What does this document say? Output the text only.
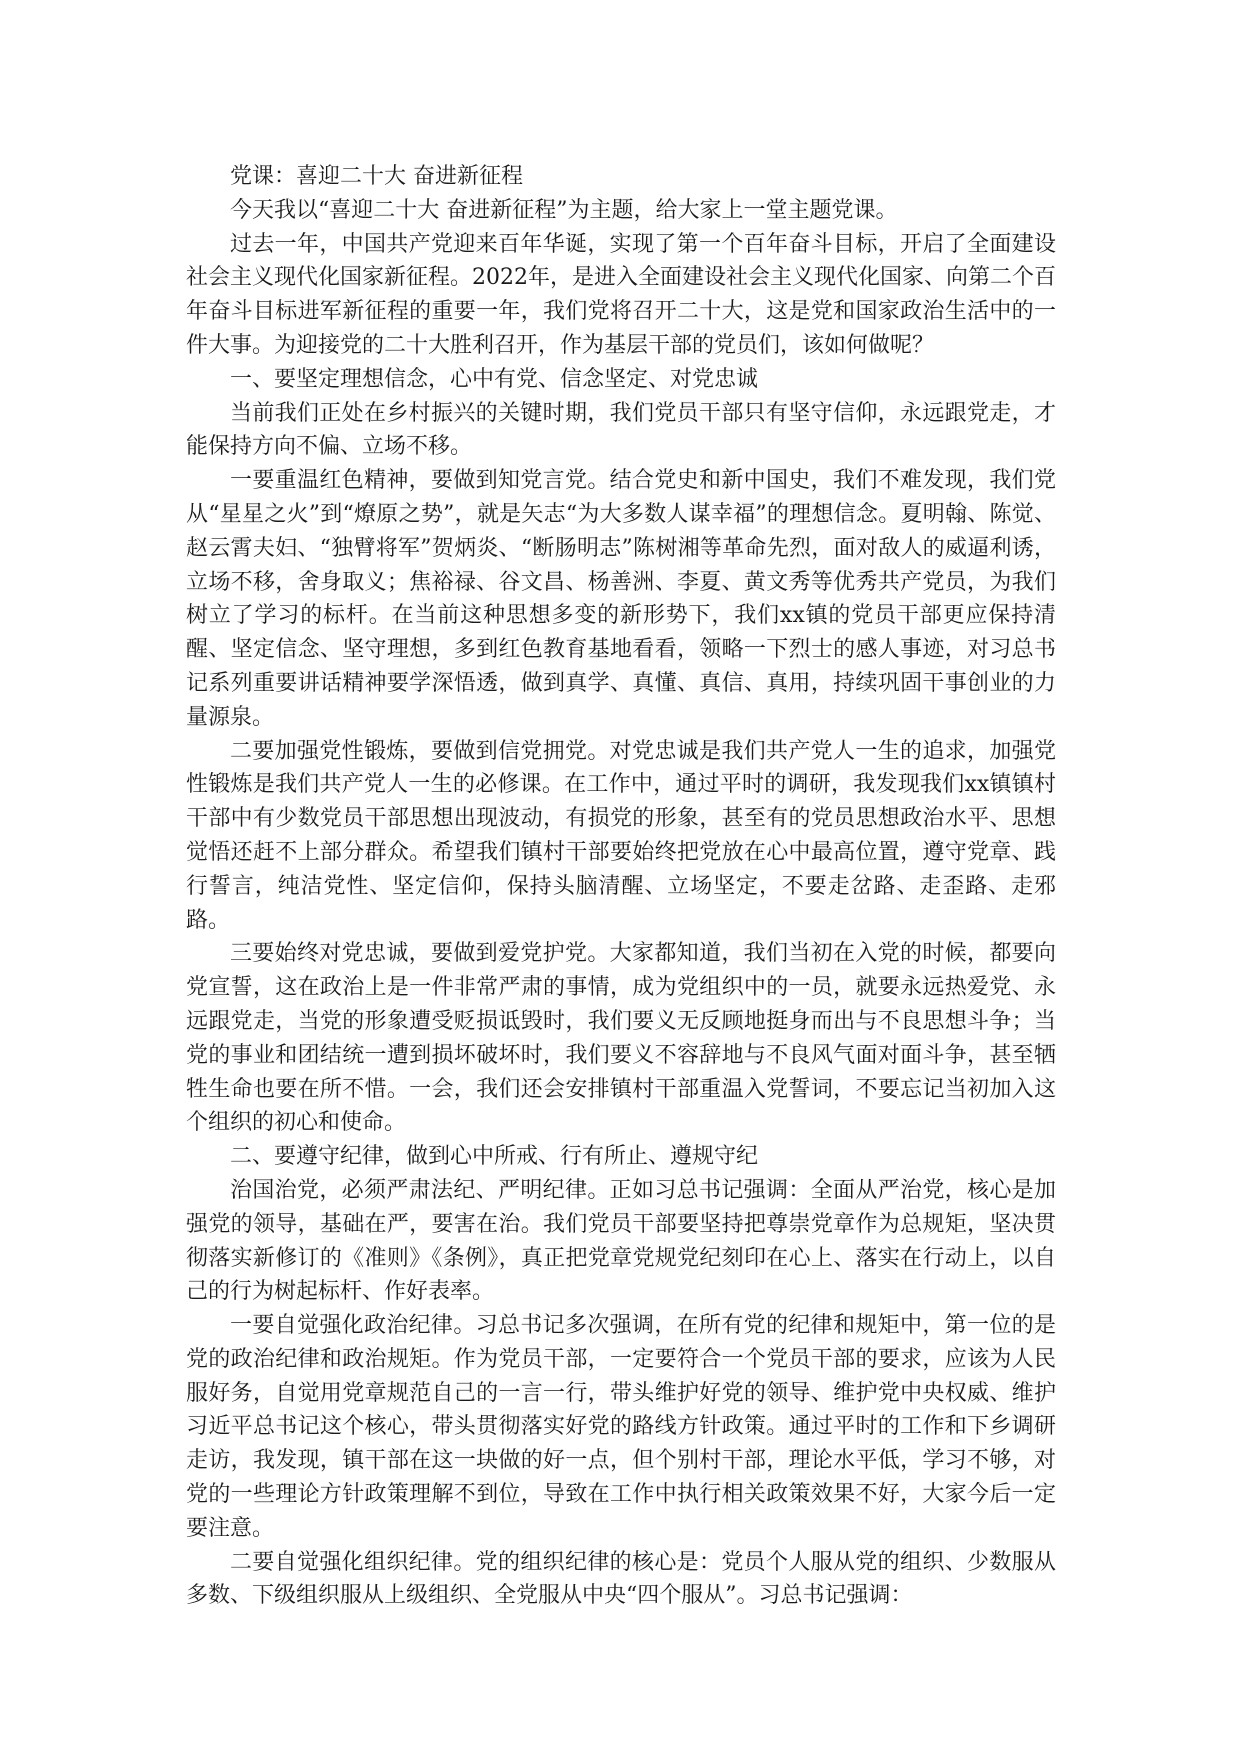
党课：喜迎二十大 奋进新征程

今天我以“喜迎二十大 奋进新征程”为主题，给大家上一堂主题党课。

过去一年，中国共产党迎来百年华诞，实现了第一个百年奋斗目标，开启了全面建设社会主义现代化国家新征程。2022年，是进入全面建设社会主义现代化国家、向第二个百年奋斗目标进军新征程的重要一年，我们党将召开二十大，这是党和国家政治生活中的一件大事。为迎接党的二十大胜利召开，作为基层干部的党员们，该如何做呢？

一、要坚定理想信念，心中有党、信念坚定、对党忠诚

当前我们正处在乡村振兴的关键时期，我们党员干部只有坚守信仰，永远跟党走，才能保持方向不偏、立场不移。

一要重温红色精神，要做到知党言党。结合党史和新中国史，我们不难发现，我们党从“星星之火”到“燎原之势”，就是矢志“为大多数人谋幸福”的理想信念。夏明翰、陈觉、赵云霄夫妇、“独臂将军”贺炳炎、“断肠明志”陈树湘等革命先烈，面对敌人的威逼利诱，立场不移，舍身取义；焦裕禄、谷文昌、杨善洲、李夏、黄文秀等优秀共产党员，为我们树立了学习的标杆。在当前这种思想多变的新形势下，我们xx镇的党员干部更应保持清醒、坚定信念、坚守理想，多到红色教育基地看看，领略一下烈士的感人事迹，对习总书记系列重要讲话精神要学深悟透，做到真学、真懂、真信、真用，持续巩固干事创业的力量源泉。

二要加强党性锻炼，要做到信党拥党。对党忠诚是我们共产党人一生的追求，加强党性锻炼是我们共产党人一生的必修课。在工作中，通过平时的调研，我发现我们xx镇镇村干部中有少数党员干部思想出现波动，有损党的形象，甚至有的党员思想政治水平、思想觉悟还赶不上部分群众。希望我们镇村干部要始终把党放在心中最高位置，遵守党章、践行誓言，纯洁党性、坚定信仰，保持头脑清醒、立场坚定，不要走岔路、走歪路、走邪路。

三要始终对党忠诚，要做到爱党护党。大家都知道，我们当初在入党的时候，都要向党宣誓，这在政治上是一件非常严肃的事情，成为党组织中的一员，就要永远热爱党、永远跟党走，当党的形象遭受贬损诋毁时，我们要义无反顾地挺身而出与不良思想斗争；当党的事业和团结统一遭到损坏破坏时，我们要义不容辞地与不良风气面对面斗争，甚至牺牲生命也要在所不惜。一会，我们还会安排镇村干部重温入党誓词，不要忘记当初加入这个组织的初心和使命。

二、要遵守纪律，做到心中所戒、行有所止、遵规守纪

治国治党，必须严肃法纪、严明纪律。正如习总书记强调：全面从严治党，核心是加强党的领导，基础在严，要害在治。我们党员干部要坚持把尊崇党章作为总规矩，坚决贯彻落实新修订的《准则》《条例》，真正把党章党规党纪刻印在心上、落实在行动上，以自己的行为树起标杆、作好表率。

一要自觉强化政治纪律。习总书记多次强调，在所有党的纪律和规矩中，第一位的是党的政治纪律和政治规矩。作为党员干部，一定要符合一个党员干部的要求，应该为人民服好务，自觉用党章规范自己的一言一行，带头维护好党的领导、维护党中央权威、维护习近平总书记这个核心，带头贯彻落实好党的路线方针政策。通过平时的工作和下乡调研走访，我发现，镇干部在这一块做的好一点，但个别村干部，理论水平低，学习不够，对党的一些理论方针政策理解不到位，导致在工作中执行相关政策效果不好，大家今后一定要注意。

二要自觉强化组织纪律。党的组织纪律的核心是：党员个人服从党的组织、少数服从多数、下级组织服从上级组织、全党服从中央“四个服从”。习总书记强调：
